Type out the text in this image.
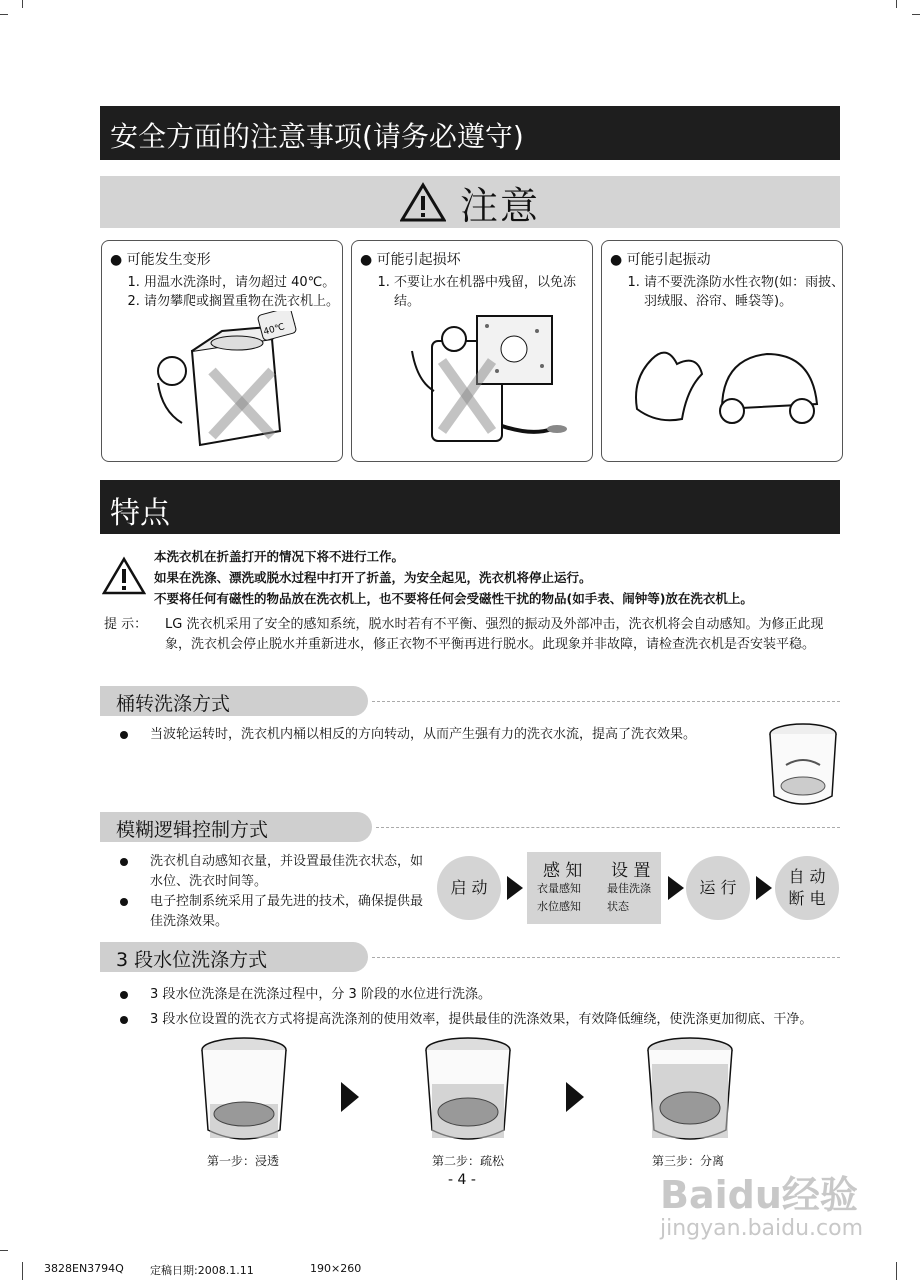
安全方面的注意事项(请务必遵守)
注意
● 可能发生变形
1. 用温水洗涤时，请勿超过 40℃。
2. 请勿攀爬或搁置重物在洗衣机上。
40℃
● 可能引起损坏
1. 不要让水在机器中残留，以免冻结。
● 可能引起振动
1. 请不要洗涤防水性衣物(如：雨披、羽绒服、浴帘、睡袋等)。
特点
本洗衣机在折盖打开的情况下将不进行工作。
如果在洗涤、漂洗或脱水过程中打开了折盖，为安全起见，洗衣机将停止运行。
不要将任何有磁性的物品放在洗衣机上，也不要将任何会受磁性干扰的物品(如手表、闹钟等)放在洗衣机上。
提 示： LG 洗衣机采用了安全的感知系统，脱水时若有不平衡、强烈的振动及外部冲击，洗衣机将会自动感知。为修正此现象，洗衣机会停止脱水并重新进水，修正衣物不平衡再进行脱水。此现象并非故障，请检查洗衣机是否安装平稳。
桶转洗涤方式
当波轮运转时，洗衣机内桶以相反的方向转动，从而产生强有力的洗衣水流，提高了洗衣效果。
模糊逻辑控制方式
洗衣机自动感知衣量，并设置最佳洗衣状态，如水位、洗衣时间等。
电子控制系统采用了最先进的技术，确保提供最佳洗涤效果。
启 动
感 知 设 置
衣量感知 水位感知
最佳洗涤 状态
运 行
自 动
断 电
3 段水位洗涤方式
3 段水位洗涤是在洗涤过程中，分 3 阶段的水位进行洗涤。
3 段水位设置的洗衣方式将提高洗涤剂的使用效率，提供最佳的洗涤效果，有效降低缠绕，使洗涤更加彻底、干净。
第一步：浸透	第二步：疏松	第三步：分离
- 4 -	Baidu经验
jingyan.baidu.com
3828EN3794Q 定稿日期:2008.1.11	190×260
